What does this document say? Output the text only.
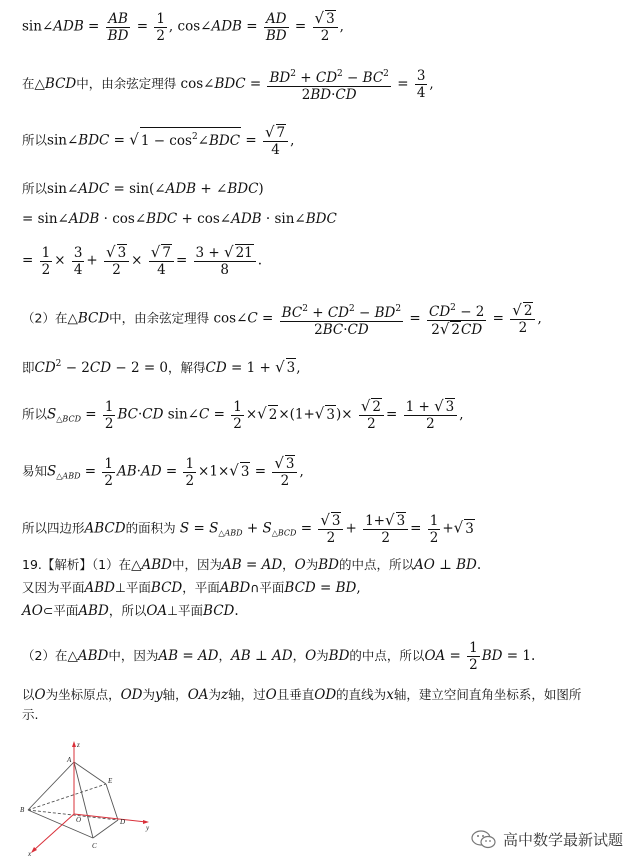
sin∠ADB = $\frac{AB}{BD} = \frac{1}{2}$ , cos∠ADB = $\frac{AD}{BD} = \frac{√ 3}{2}$ ,
在△BCD中，由余弦定理得 cos∠BDC = $\frac{BD^2 + CD^2 - BC^2}{2BD\cdot CD} = \frac{3}{4}$ ,
所以sin∠BDC = √ $1 - \cos^2\angle BDC = \frac{√ 7}{4}$ ,
所以sin∠ADC = sin(∠ADB + ∠BDC)
= sin∠ADB · cos∠BDC + cos∠ADB · sin∠BDC
= $\frac{1}{2} \times \frac{3}{4} + \frac{√ 3}{2} \times \frac{√ 7}{4} = \frac{3 + √ 21}{8}$ .
（2）在△BCD中，由余弦定理得 cos∠C = $\frac{BC^2 + CD^2 - BD^2}{2BC\cdot CD} = \frac{CD^2 - 2}{2√ 2CD} = \frac{√ 2}{2}$ ,
即$CD^2 - 2CD - 2 = 0$，解得CD = 1 + √ 3,
所以$S_{\triangle BCD} = \frac{1}{2} BC\cdot CD$ sin∠C = $\frac{1}{2}$ ×√ 2×(1+√ $3)\times \frac{√ 2}{2} = \frac{1 + √ 3}{2}$ ,
易知$S_{\triangle ABD} = \frac{1}{2} AB\cdot AD = \frac{1}{2} \times 1\times√$ $3 = \frac{√ 3}{2}$ ,
所以四边形ABCD的面积为 $S = S_{\triangle ABD} + S_{\triangle BCD} = \frac{√ 3}{2} + \frac{1+√ 3}{2} = \frac{1}{2}$ +√ 3
19.【解析】（1）在△ABD中，因为AB = AD，O为BD的中点，所以AO ⊥ BD.
又因为平面ABD⊥平面BCD，平面ABD∩平面BCD = BD,
AO⊂平面ABD，所以OA⊥平面BCD.
（2）在△ABD中，因为AB = AD，AB ⊥ AD，O为BD的中点，所以OA = $\frac{1}{2}$ BD = 1.
以O为坐标原点，OD为y轴，OA为z轴，过O且垂直OD的直线为x轴，建立空间直角坐标系，如图所
示.
z
A
E
B
O	D
y
C
x
高中数学最新试题
